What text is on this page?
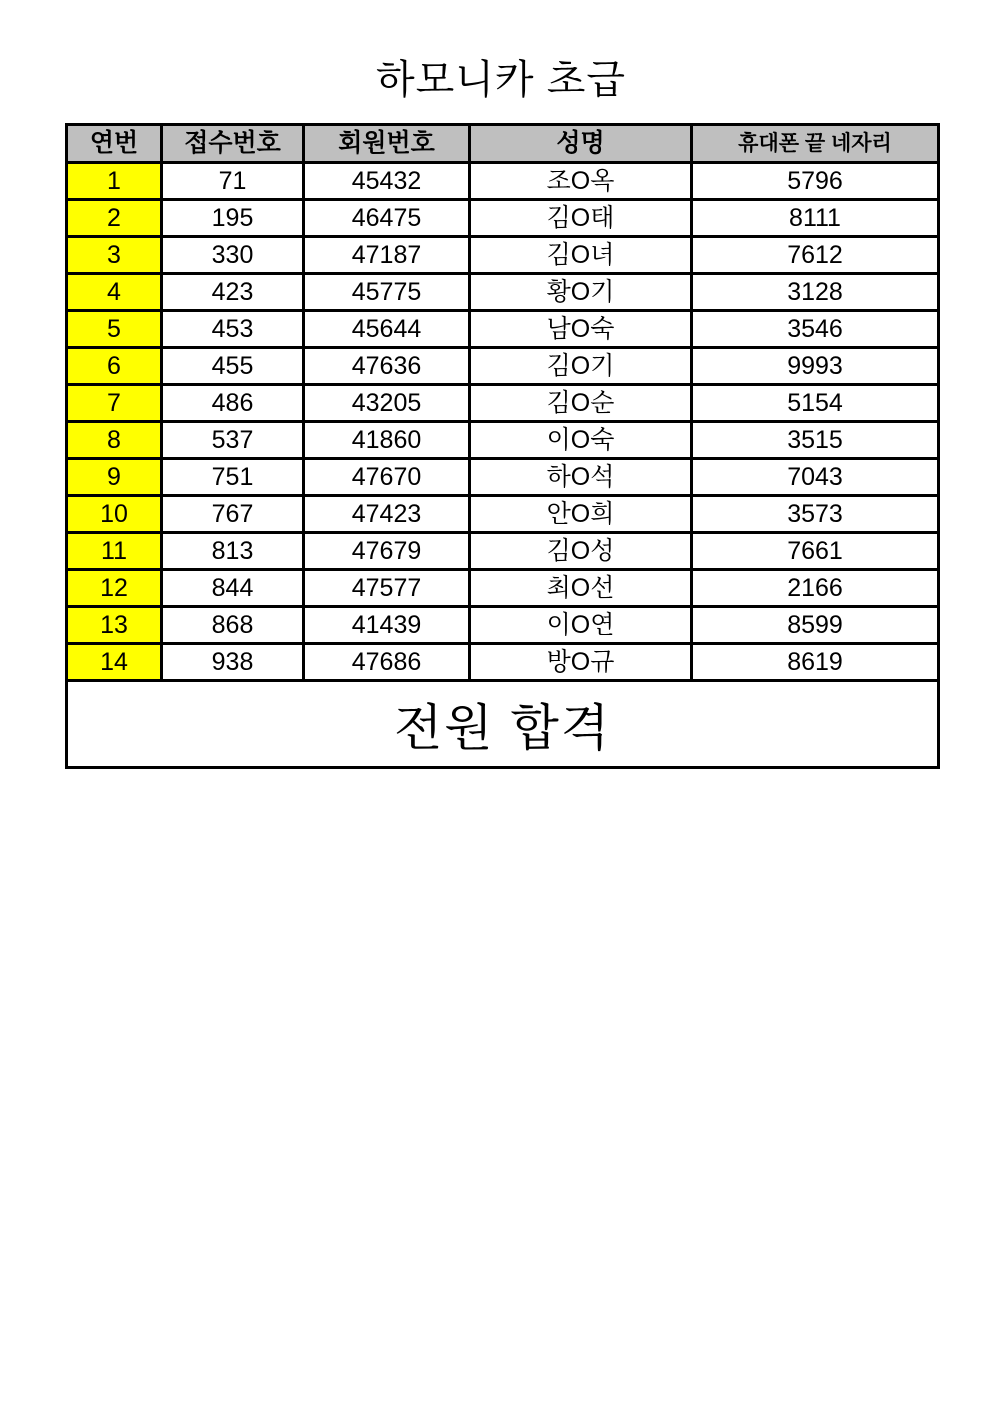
하모니카 초급
연번	접수번호	회원번호	성명	휴대폰 끝 네자리
1	71	45432	조O옥	5796
2	195	46475	김O태	8111
3	330	47187	김O녀	7612
4	423	45775	황O기	3128
5	453	45644	남O숙	3546
6	455	47636	김O기	9993
7	486	43205	김O순	5154
8	537	41860	이O숙	3515
9	751	47670	하O석	7043
10	767	47423	안O희	3573
11	813	47679	김O성	7661
12	844	47577	최O선	2166
13	868	41439	이O연	8599
14	938	47686	방O규	8619
전원 합격				
